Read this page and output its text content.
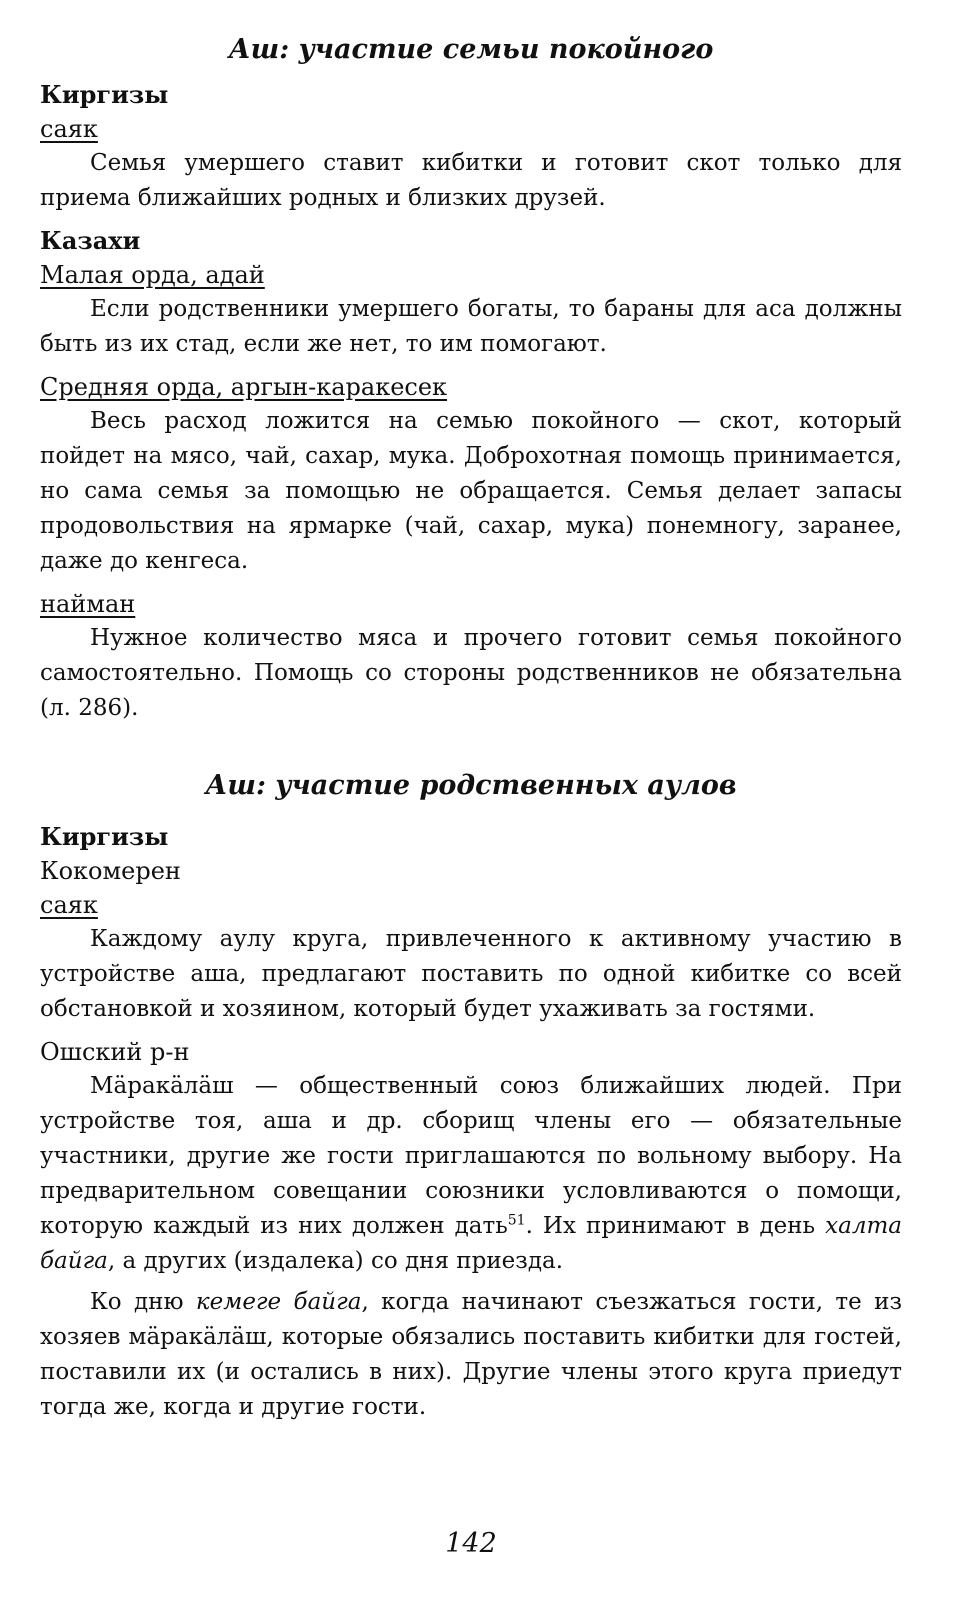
Аш: участие семьи покойного
Киргизы
саяк

Семья умершего ставит кибитки и готовит скот только для приема ближайших родных и близких друзей.

Казахи
Малая орда, адай

Если родственники умершего богаты, то бараны для аса должны быть из их стад, если же нет, то им помогают.

Средняя орда, аргын-каракесек

Весь расход ложится на семью покойного — скот, который пойдет на мясо, чай, сахар, мука. Доброхотная помощь принимается, но сама семья за помощью не обращается. Семья делает запасы продовольствия на ярмарке (чай, сахар, мука) понемногу, заранее, даже до кенгеса.

найман

Нужное количество мяса и прочего готовит семья покойного самостоятельно. Помощь со стороны родственников не обязательна (л. 286).

Аш: участие родственных аулов
Киргизы
Кокомерен
саяк

Каждому аулу круга, привлеченного к активному участию в устройстве аша, предлагают поставить по одной кибитке со всей обстановкой и хозяином, который будет ухаживать за гостями.

Ошский р-н

Мäракäлäш — общественный союз ближайших людей. При устройстве тоя, аша и др. сборищ члены его — обязательные участники, другие же гости приглашаются по вольному выбору. На предварительном совещании союзники условливаются о помощи, которую каждый из них должен дать$^{51}$. Их принимают в день халта байга, а других (издалека) со дня приезда.

Ко дню кемеге байга, когда начинают съезжаться гости, те из хозяев мäракäлäш, которые обязались поставить кибитки для гостей, поставили их (и остались в них). Другие члены этого круга приедут тогда же, когда и другие гости.

142
